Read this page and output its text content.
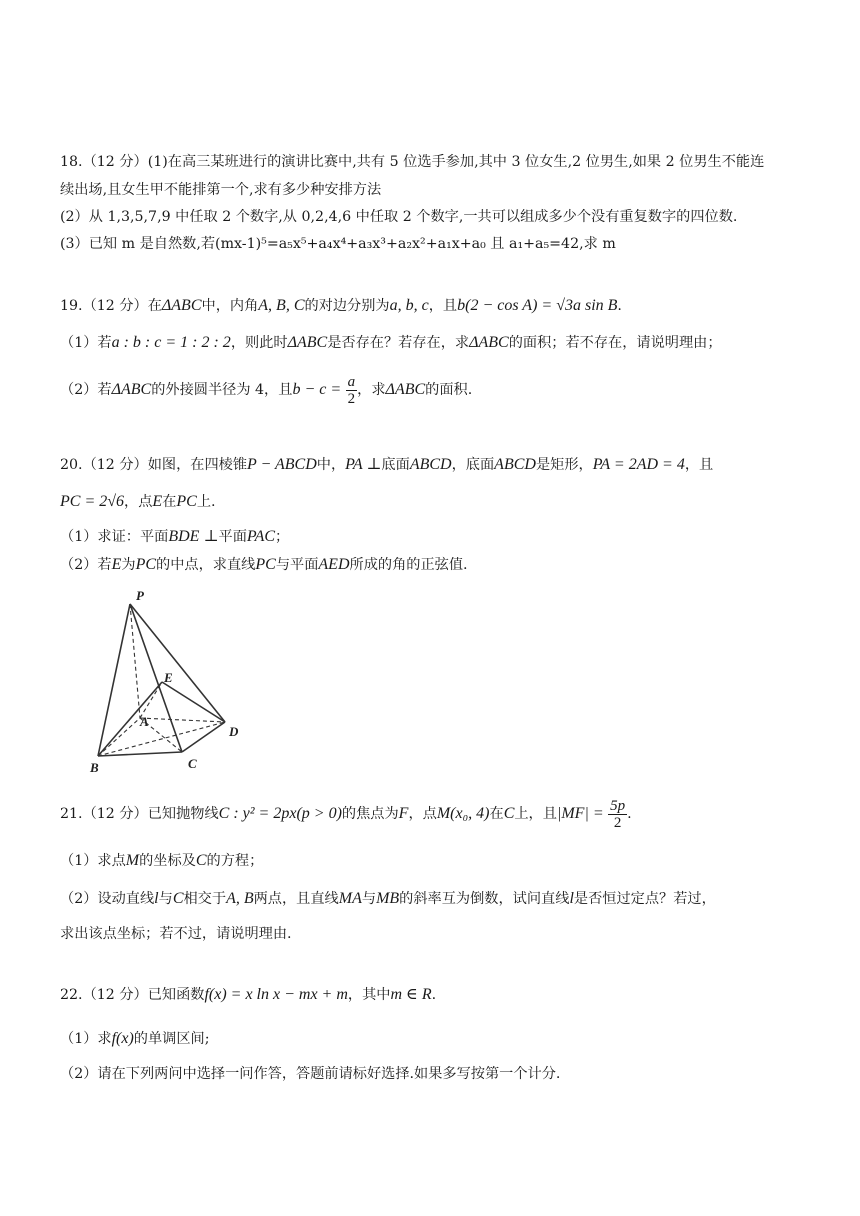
18.（12 分）(1)在高三某班进行的演讲比赛中,共有 5 位选手参加,其中 3 位女生,2 位男生,如果 2 位男生不能连
续出场,且女生甲不能排第一个,求有多少种安排方法
(2）从 1,3,5,7,9 中任取 2 个数字,从 0,2,4,6 中任取 2 个数字,一共可以组成多少个没有重复数字的四位数.
(3）已知 m 是自然数,若(mx-1)⁵=a₅x⁵+a₄x⁴+a₃x³+a₂x²+a₁x+a₀ 且 a₁+a₅=42,求 m
19.（12 分）在ΔABC中，内角A, B, C的对边分别为a, b, c，且b(2 − cos A) = √3a sin B.
（1）若a : b : c = 1 : 2 : 2，则此时ΔABC是否存在？若存在，求ΔABC的面积；若不存在，请说明理由；
（2）若ΔABC的外接圆半径为 4，且$b - c = \frac{a}{2}$ ，求ΔABC的面积.
20.（12 分）如图，在四棱锥P − ABCD中，PA ⊥底面ABCD，底面ABCD是矩形，PA = 2AD = 4，且
PC = 2√6，点E在PC上.
（1）求证：平面BDE ⊥平面PAC；
（2）若E为PC的中点，求直线PC与平面AED所成的角的正弦值.
P
E
A
D
B	C
21.（12 分）已知抛物线C : y² = 2px(p > 0)的焦点为F，点M(x₀, 4)在C上，且$|MF| = \frac{5p}{2}$ .
（1）求点M的坐标及C的方程；
（2）设动直线l与C相交于A, B两点，且直线MA与MB的斜率互为倒数，试问直线l是否恒过定点？若过，
求出该点坐标；若不过，请说明理由.
22.（12 分）已知函数f(x) = x ln x − mx + m，其中m ∈ R.
（1）求f(x)的单调区间;
（2）请在下列两问中选择一问作答，答题前请标好选择.如果多写按第一个计分.
